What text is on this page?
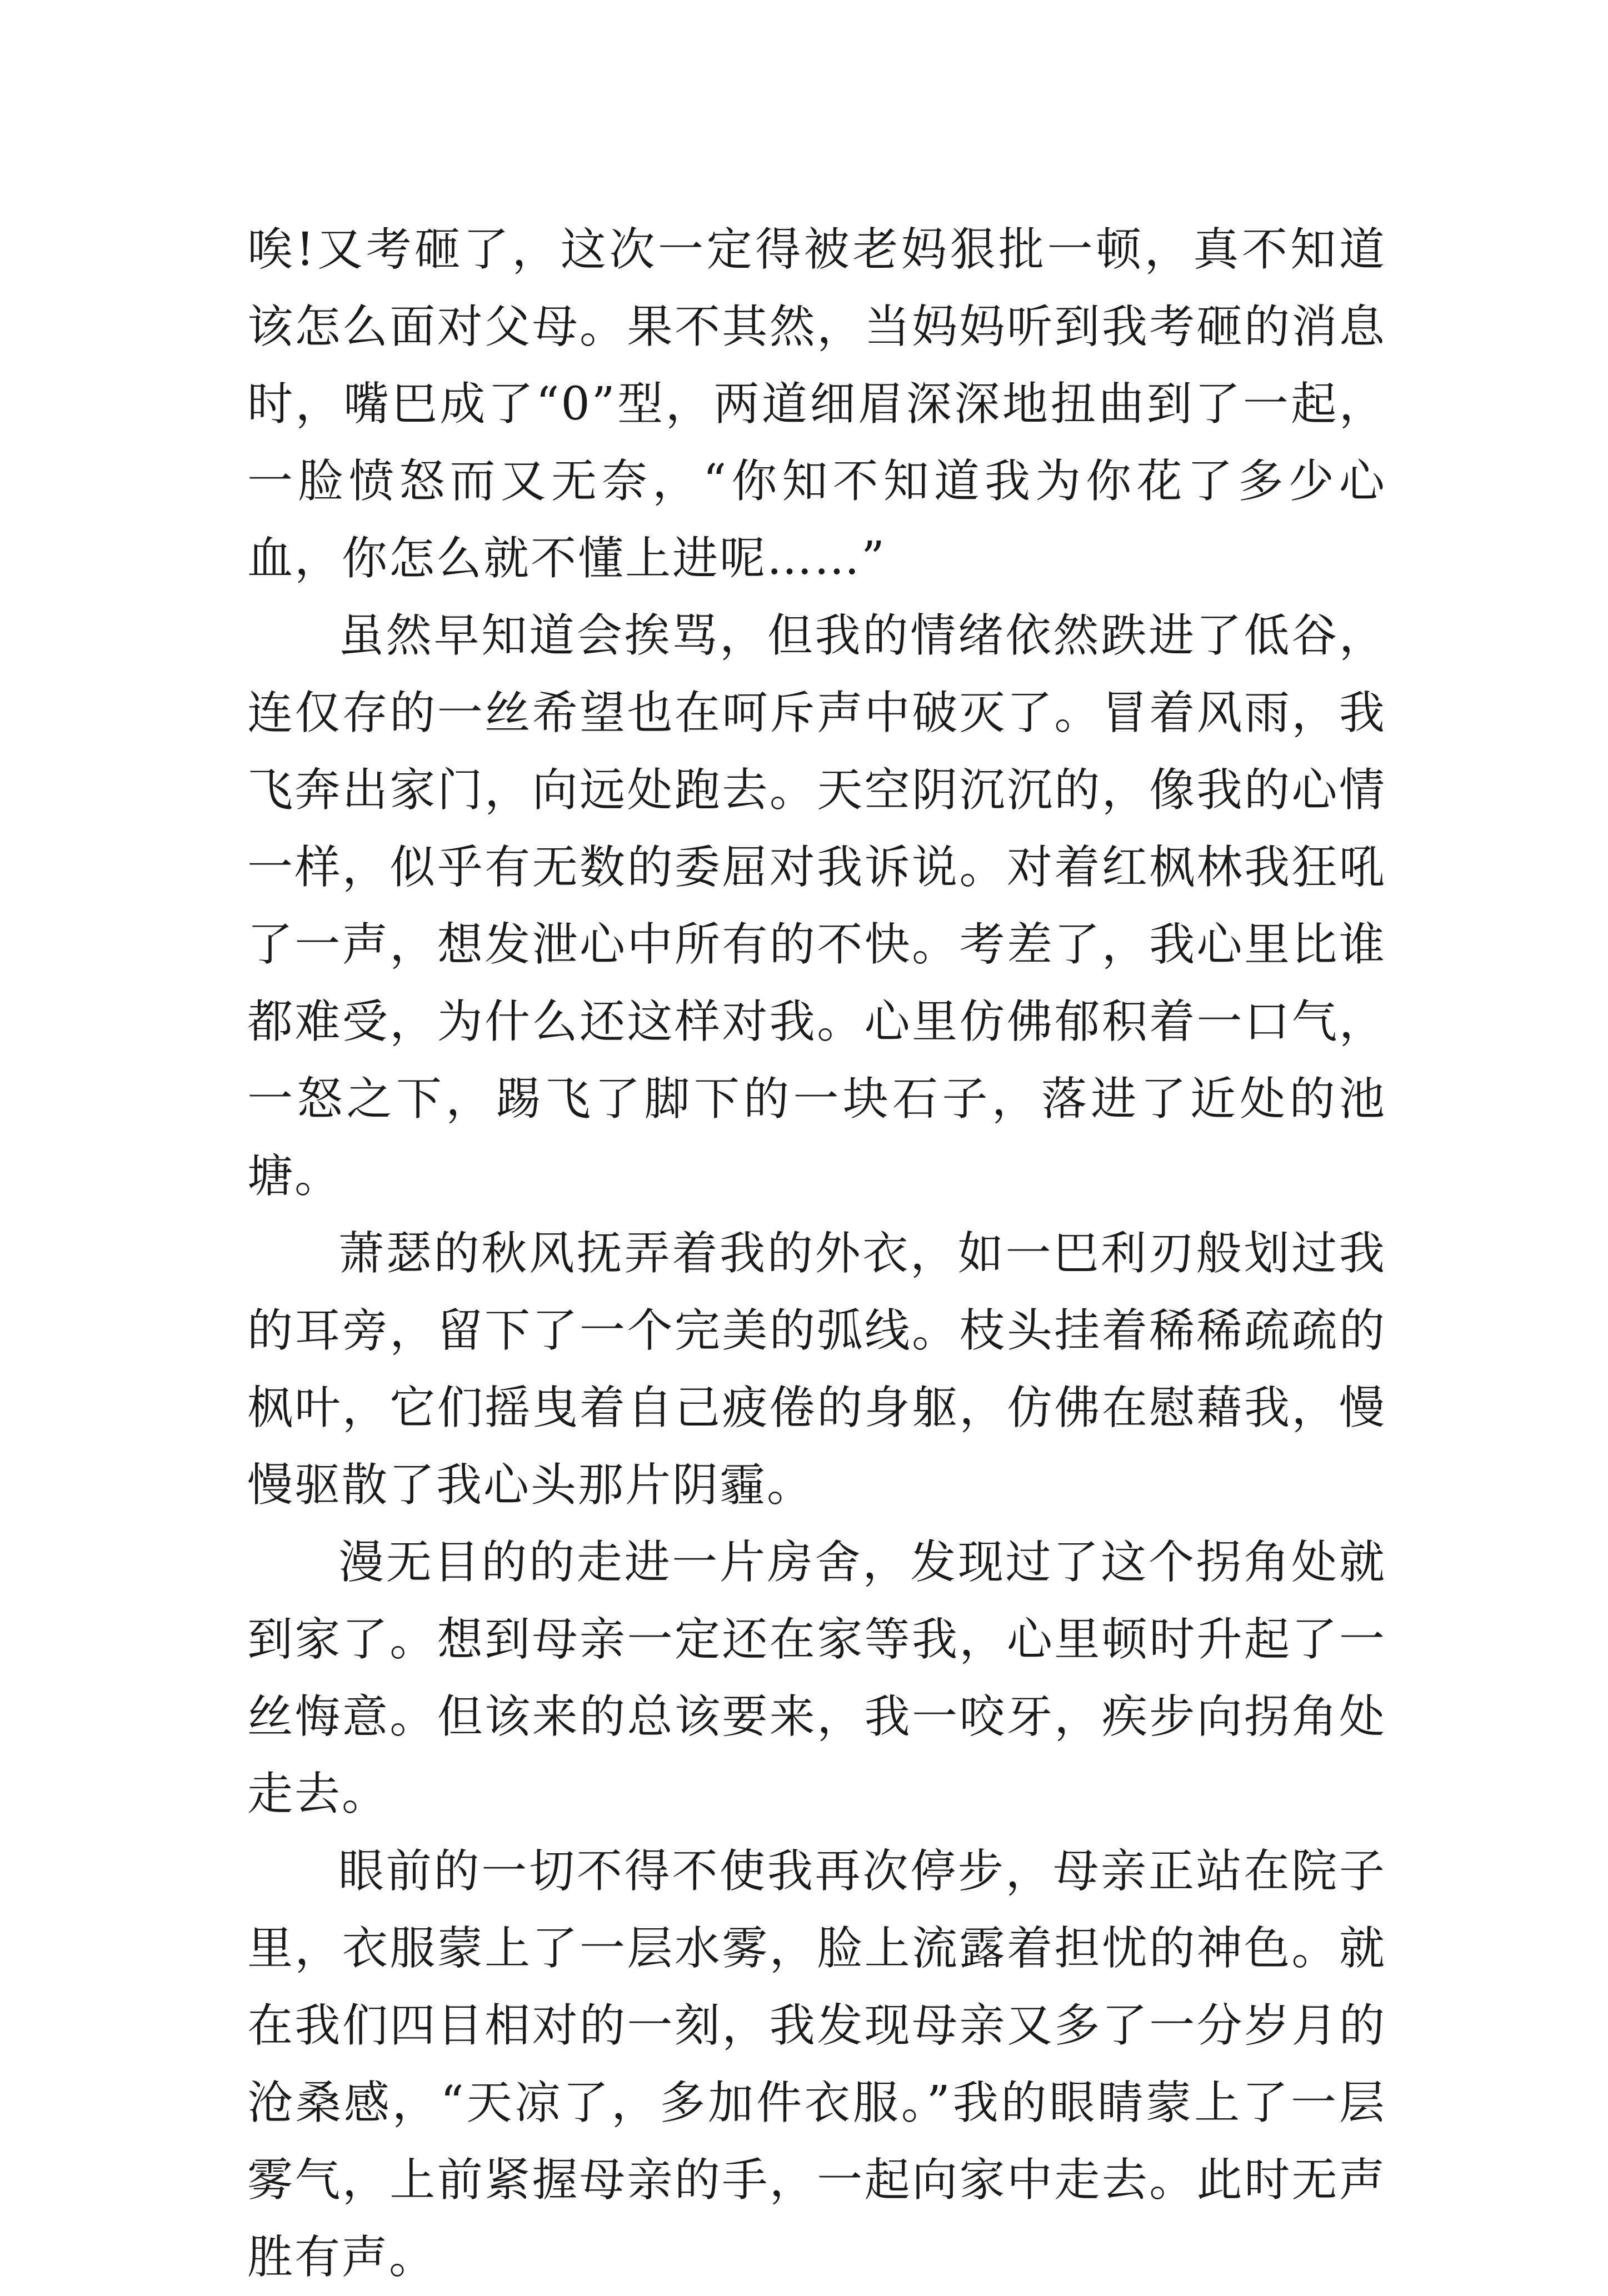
唉!又考砸了，这次一定得被老妈狠批一顿，真不知道该怎么面对父母。果不其然，当妈妈听到我考砸的消息时，嘴巴成了“0”型，两道细眉深深地扭曲到了一起，一脸愤怒而又无奈，“你知不知道我为你花了多少心血，你怎么就不懂上进呢……”

虽然早知道会挨骂，但我的情绪依然跌进了低谷，连仅存的一丝希望也在呵斥声中破灭了。冒着风雨，我飞奔出家门，向远处跑去。天空阴沉沉的，像我的心情一样，似乎有无数的委屈对我诉说。对着红枫林我狂吼了一声，想发泄心中所有的不快。考差了，我心里比谁都难受，为什么还这样对我。心里仿佛郁积着一口气，一怒之下，踢飞了脚下的一块石子，落进了近处的池塘。

萧瑟的秋风抚弄着我的外衣，如一巴利刃般划过我的耳旁，留下了一个完美的弧线。枝头挂着稀稀疏疏的枫叶，它们摇曳着自己疲倦的身躯，仿佛在慰藉我，慢慢驱散了我心头那片阴霾。

漫无目的的走进一片房舍，发现过了这个拐角处就到家了。想到母亲一定还在家等我，心里顿时升起了一丝悔意。但该来的总该要来，我一咬牙，疾步向拐角处走去。

眼前的一切不得不使我再次停步，母亲正站在院子里，衣服蒙上了一层水雾，脸上流露着担忧的神色。就在我们四目相对的一刻，我发现母亲又多了一分岁月的沧桑感，“天凉了，多加件衣服。”我的眼睛蒙上了一层雾气，上前紧握母亲的手，一起向家中走去。此时无声胜有声。
